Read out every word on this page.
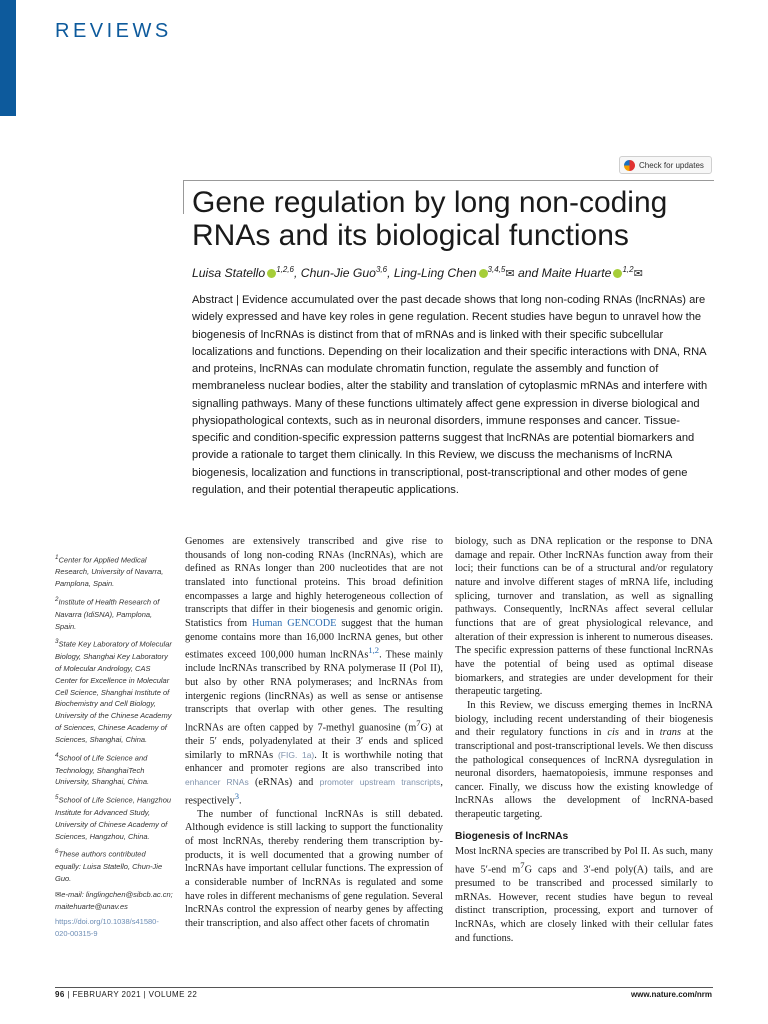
REVIEWS
Check for updates
Gene regulation by long non-coding RNAs and its biological functions
Luisa Statello $^{1,2,6}$, Chun-Jie Guo$^{3,6}$, Ling-Ling Chen $^{3,4,5}$✉ and Maite Huarte $^{1,2}$✉

Abstract | Evidence accumulated over the past decade shows that long non-coding RNAs (lncRNAs) are widely expressed and have key roles in gene regulation. Recent studies have begun to unravel how the biogenesis of lncRNAs is distinct from that of mRNAs and is linked with their specific subcellular localizations and functions. Depending on their localization and their specific interactions with DNA, RNA and proteins, lncRNAs can modulate chromatin function, regulate the assembly and function of membraneless nuclear bodies, alter the stability and translation of cytoplasmic mRNAs and interfere with signalling pathways. Many of these functions ultimately affect gene expression in diverse biological and physiopathological contexts, such as in neuronal disorders, immune responses and cancer. Tissue-specific and condition-specific expression patterns suggest that lncRNAs are potential biomarkers and provide a rationale to target them clinically. In this Review, we discuss the mechanisms of lncRNA biogenesis, localization and functions in transcriptional, post-transcriptional and other modes of gene regulation, and their potential therapeutic applications.

$^1$Center for Applied Medical Research, University of Navarra, Pamplona, Spain.

$^2$Institute of Health Research of Navarra (IdiSNA), Pamplona, Spain.

$^3$State Key Laboratory of Molecular Biology, Shanghai Key Laboratory of Molecular Andrology, CAS Center for Excellence in Molecular Cell Science, Shanghai Institute of Biochemistry and Cell Biology, University of the Chinese Academy of Sciences, Chinese Academy of Sciences, Shanghai, China.

$^4$School of Life Science and Technology, ShanghaiTech University, Shanghai, China.

$^5$School of Life Science, Hangzhou Institute for Advanced Study, University of Chinese Academy of Sciences, Hangzhou, China.

$^6$These authors contributed equally: Luisa Statello, Chun-Jie Guo.

✉e-mail: linglingchen@sibcb.ac.cn; maitehuarte@unav.es

https://doi.org/10.1038/s41580-020-00315-9

Genomes are extensively transcribed and give rise to thousands of long non-coding RNAs (lncRNAs), which are defined as RNAs longer than 200 nucleotides that are not translated into functional proteins. This broad definition encompasses a large and highly heterogeneous collection of transcripts that differ in their biogenesis and genomic origin. Statistics from Human GENCODE suggest that the human genome contains more than 16,000 lncRNA genes, but other estimates exceed 100,000 human lncRNAs$^{1,2}$. These mainly include lncRNAs transcribed by RNA polymerase II (Pol II), but also by other RNA polymerases; and lncRNAs from intergenic regions (lincRNAs) as well as sense or antisense transcripts that overlap with other genes. The resulting lncRNAs are often capped by 7-methyl guanosine $(m^7G)$ at their 5′ ends, polyadenylated at their 3′ ends and spliced similarly to mRNAs (FIG. 1a). It is worthwhile noting that enhancer and promoter regions are also transcribed into enhancer RNAs (eRNAs) and promoter upstream transcripts, respectively$^3$.

The number of functional lncRNAs is still debated. Although evidence is still lacking to support the functionality of most lncRNAs, thereby rendering them transcription by-products, it is well documented that a growing number of lncRNAs have important cellular functions. The expression of a considerable number of lncRNAs is regulated and some have roles in different mechanisms of gene regulation. Several lncRNAs control the expression of nearby genes by affecting their transcription, and also affect other facets of chromatin

biology, such as DNA replication or the response to DNA damage and repair. Other lncRNAs function away from their loci; their functions can be of a structural and/or regulatory nature and involve different stages of mRNA life, including splicing, turnover and translation, as well as signalling pathways. Consequently, lncRNAs affect several cellular functions that are of great physiological relevance, and alteration of their expression is inherent to numerous diseases. The specific expression patterns of these functional lncRNAs have the potential of being used as optimal disease biomarkers, and strategies are under development for their therapeutic targeting.

In this Review, we discuss emerging themes in lncRNA biology, including recent understanding of their biogenesis and their regulatory functions in cis and in trans at the transcriptional and post-transcriptional levels. We then discuss the pathological consequences of lncRNA dysregulation in neuronal disorders, haematopoiesis, immune responses and cancer. Finally, we discuss how the existing knowledge of lncRNAs allows the development of lncRNA-based therapeutic targeting.

Biogenesis of lncRNAs

Most lncRNA species are transcribed by Pol II. As such, many have 5′-end $m^7G$ caps and 3′-end poly(A) tails, and are presumed to be transcribed and processed similarly to mRNAs. However, recent studies have begun to reveal distinct transcription, processing, export and turnover of lncRNAs, which are closely linked with their cellular fates and functions.

96 | FEBRUARY 2021 | VOLUME 22	www.nature.com/nrm
